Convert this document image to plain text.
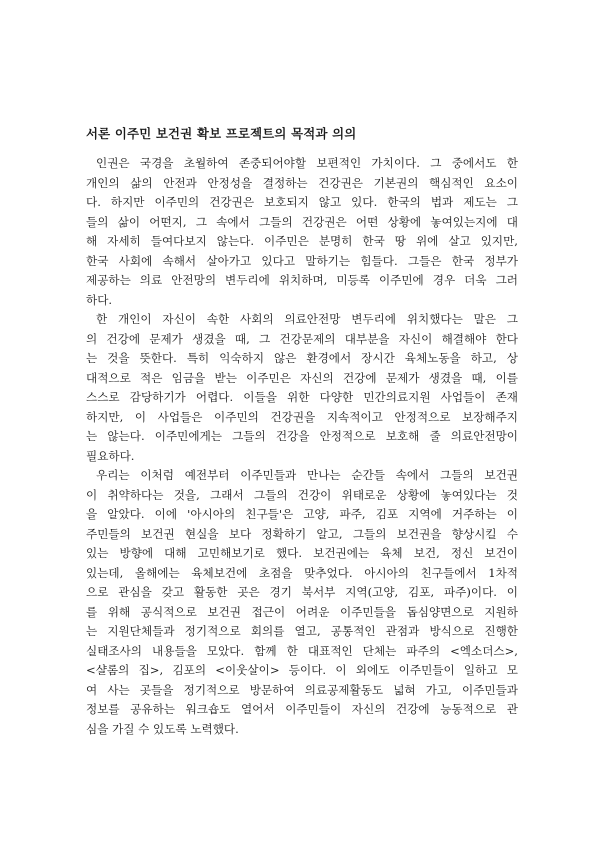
서론 이주민 보건권 확보 프로젝트의 목적과 의의
인권은 국경을 초월하여 존중되어야할 보편적인 가치이다. 그 중에서도 한
개인의 삶의 안전과 안정성을 결정하는 건강권은 기본권의 핵심적인 요소이
다. 하지만 이주민의 건강권은 보호되지 않고 있다. 한국의 법과 제도는 그
들의 삶이 어떤지, 그 속에서 그들의 건강권은 어떤 상황에 놓여있는지에 대
해 자세히 들여다보지 않는다. 이주민은 분명히 한국 땅 위에 살고 있지만,
한국 사회에 속해서 살아가고 있다고 말하기는 힘들다. 그들은 한국 정부가
제공하는 의료 안전망의 변두리에 위치하며, 미등록 이주민에 경우 더욱 그러
하다.
한 개인이 자신이 속한 사회의 의료안전망 변두리에 위치했다는 말은 그
의 건강에 문제가 생겼을 때, 그 건강문제의 대부분을 자신이 해결해야 한다
는 것을 뜻한다. 특히 익숙하지 않은 환경에서 장시간 육체노동을 하고, 상
대적으로 적은 임금을 받는 이주민은 자신의 건강에 문제가 생겼을 때, 이를
스스로 감당하기가 어렵다. 이들을 위한 다양한 민간의료지원 사업들이 존재
하지만, 이 사업들은 이주민의 건강권을 지속적이고 안정적으로 보장해주지
는 않는다. 이주민에게는 그들의 건강을 안정적으로 보호해 줄 의료안전망이
필요하다.
우리는 이처럼 예전부터 이주민들과 만나는 순간들 속에서 그들의 보건권
이 취약하다는 것을, 그래서 그들의 건강이 위태로운 상황에 놓여있다는 것
을 알았다. 이에 '아시아의 친구들'은 고양, 파주, 김포 지역에 거주하는 이
주민들의 보건권 현실을 보다 정확하기 알고, 그들의 보건권을 향상시킬 수
있는 방향에 대해 고민해보기로 했다. 보건권에는 육체 보건, 정신 보건이
있는데, 올해에는 육체보건에 초점을 맞추었다. 아시아의 친구들에서 1차적
으로 관심을 갖고 활동한 곳은 경기 북서부 지역(고양, 김포, 파주)이다. 이
를 위해 공식적으로 보건권 접근이 어려운 이주민들을 돕심양면으로 지원하
는 지원단체들과 정기적으로 회의를 열고, 공통적인 관점과 방식으로 진행한
실태조사의 내용들을 모았다. 함께 한 대표적인 단체는 파주의 <엑소더스>,
<샬롬의 집>, 김포의 <이웃살이> 등이다. 이 외에도 이주민들이 일하고 모
여 사는 곳들을 정기적으로 방문하여 의료공제활동도 넓혀 가고, 이주민들과
정보를 공유하는 워크숍도 열어서 이주민들이 자신의 건강에 능동적으로 관
심을 가질 수 있도록 노력했다.
